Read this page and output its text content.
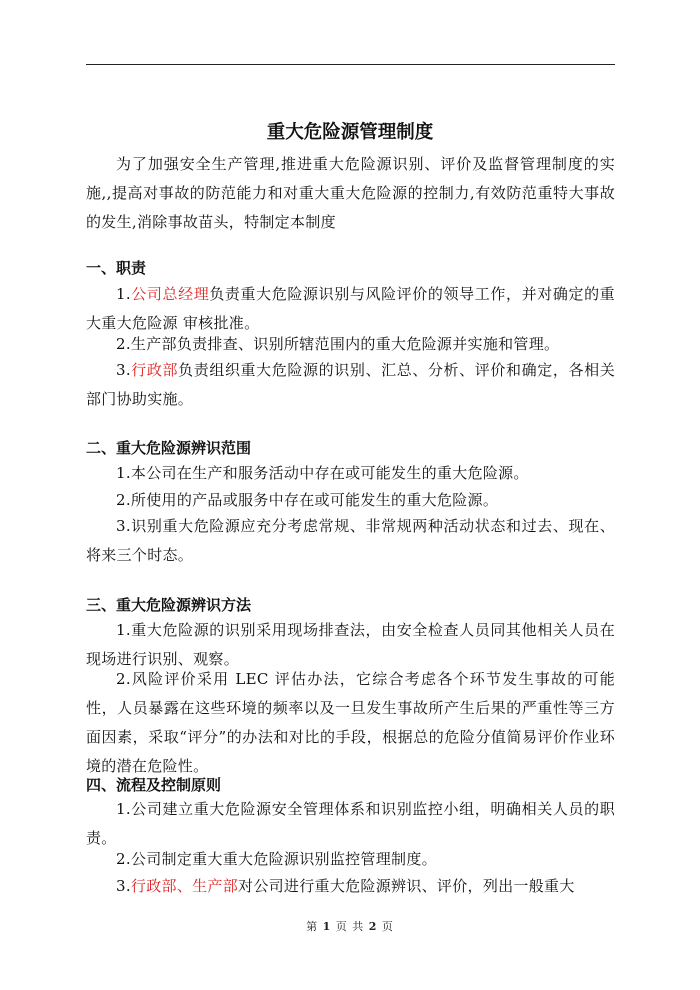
重大危险源管理制度
为了加强安全生产管理,推进重大危险源识别、评价及监督管理制度的实施,,提高对事故的防范能力和对重大重大危险源的控制力,有效防范重特大事故的发生,消除事故苗头，特制定本制度
一、职责
1.公司总经理负责重大危险源识别与风险评价的领导工作，并对确定的重大重大危险源 审核批准。
2.生产部负责排查、识别所辖范围内的重大危险源并实施和管理。
3.行政部负责组织重大危险源的识别、汇总、分析、评价和确定，各相关部门协助实施。
二、重大危险源辨识范围
1.本公司在生产和服务活动中存在或可能发生的重大危险源。
2.所使用的产品或服务中存在或可能发生的重大危险源。
3.识别重大危险源应充分考虑常规、非常规两种活动状态和过去、现在、将来三个时态。
三、重大危险源辨识方法
1.重大危险源的识别采用现场排查法，由安全检查人员同其他相关人员在现场进行识别、观察。
2.风险评价采用 LEC 评估办法，它综合考虑各个环节发生事故的可能性，人员暴露在这些环境的频率以及一旦发生事故所产生后果的严重性等三方面因素，采取“评分”的办法和对比的手段，根据总的危险分值简易评价作业环境的潜在危险性。
四、流程及控制原则
1.公司建立重大危险源安全管理体系和识别监控小组，明确相关人员的职责。
2.公司制定重大重大危险源识别监控管理制度。
3.行政部、生产部对公司进行重大危险源辨识、评价，列出一般重大
第 1 页 共 2 页
